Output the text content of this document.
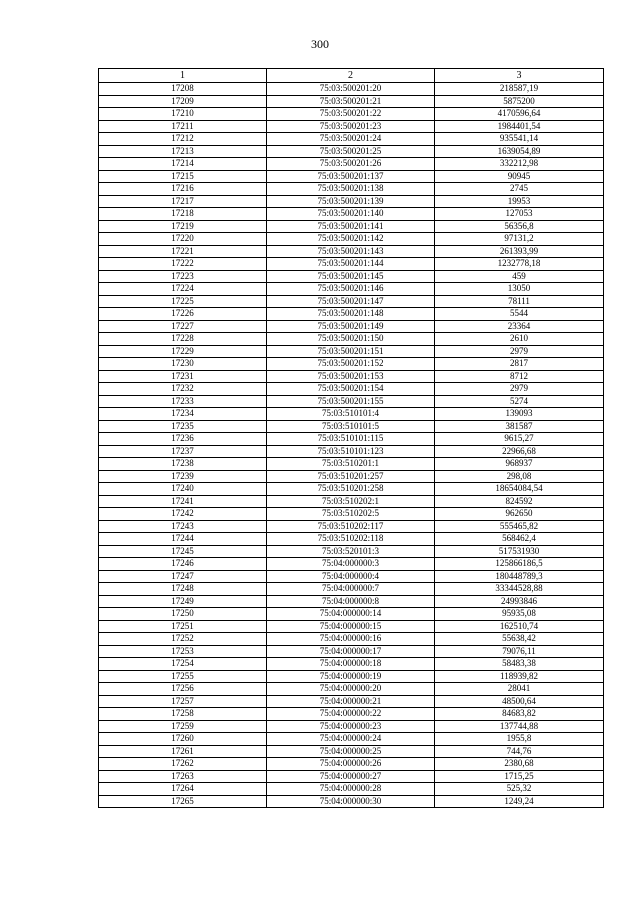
300
1	2	3
17208	75:03:500201:20	218587,19
17209	75:03:500201:21	5875200
17210	75:03:500201:22	4170596,64
17211	75:03:500201:23	1984401,54
17212	75:03:500201:24	935541,14
17213	75:03:500201:25	1639054,89
17214	75:03:500201:26	332212,98
17215	75:03:500201:137	90945
17216	75:03:500201:138	2745
17217	75:03:500201:139	19953
17218	75:03:500201:140	127053
17219	75:03:500201:141	56356,8
17220	75:03:500201:142	97131,2
17221	75:03:500201:143	261393,99
17222	75:03:500201:144	1232778,18
17223	75:03:500201:145	459
17224	75:03:500201:146	13050
17225	75:03:500201:147	78111
17226	75:03:500201:148	5544
17227	75:03:500201:149	23364
17228	75:03:500201:150	2610
17229	75:03:500201:151	2979
17230	75:03:500201:152	2817
17231	75:03:500201:153	8712
17232	75:03:500201:154	2979
17233	75:03:500201:155	5274
17234	75:03:510101:4	139093
17235	75:03:510101:5	381587
17236	75:03:510101:115	9615,27
17237	75:03:510101:123	22966,68
17238	75:03:510201:1	968937
17239	75:03:510201:257	298,08
17240	75:03:510201:258	18654084,54
17241	75:03:510202:1	824592
17242	75:03:510202:5	962650
17243	75:03:510202:117	555465,82
17244	75:03:510202:118	568462,4
17245	75:03:520101:3	517531930
17246	75:04:000000:3	125866186,5
17247	75:04:000000:4	180448789,3
17248	75:04:000000:7	33344528,88
17249	75:04:000000:8	24993846
17250	75:04:000000:14	95935,08
17251	75:04:000000:15	162510,74
17252	75:04:000000:16	55638,42
17253	75:04:000000:17	79076,11
17254	75:04:000000:18	58483,38
17255	75:04:000000:19	118939,82
17256	75:04:000000:20	28041
17257	75:04:000000:21	48500,64
17258	75:04:000000:22	84683,82
17259	75:04:000000:23	137744,88
17260	75:04:000000:24	1955,8
17261	75:04:000000:25	744,76
17262	75:04:000000:26	2380,68
17263	75:04:000000:27	1715,25
17264	75:04:000000:28	525,32
17265	75:04:000000:30	1249,24
